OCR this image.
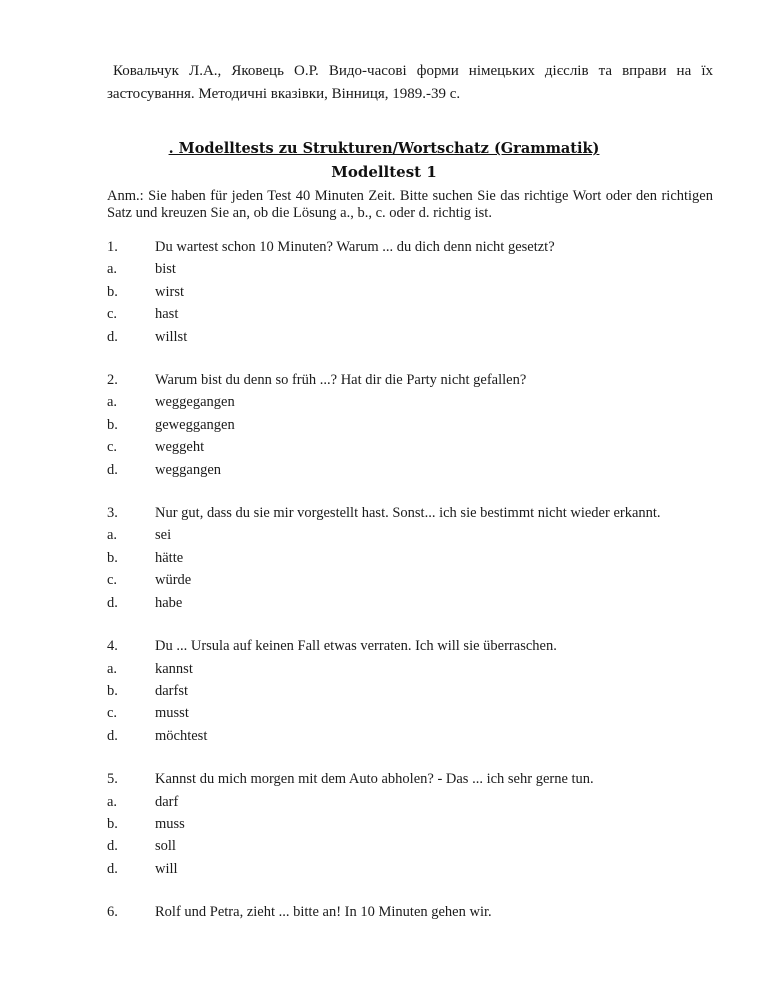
Ковальчук Л.А., Яковець О.Р. Видо-часові форми німецьких дієслів та вправи на їх застосування. Методичні вказівки, Вінниця, 1989.-39 с.

. Modelltests zu Strukturen/Wortschatz (Grammatik)
Modelltest 1

Anm.: Sie haben für jeden Test 40 Minuten Zeit. Bitte suchen Sie das richtige Wort oder den richtigen Satz und kreuzen Sie an, ob die Lösung a., b., c. oder d. richtig ist.

1.	Du wartest schon 10 Minuten? Warum ... du dich denn nicht gesetzt?
a.	bist
b.	wirst
c.	hast
d.	willst
2.	Warum bist du denn so früh ...? Hat dir die Party nicht gefallen?
a.	weggegangen
b.	geweggangen
c.	weggeht
d.	weggangen
3.	Nur gut, dass du sie mir vorgestellt hast. Sonst... ich sie bestimmt nicht wieder erkannt.
a.	sei
b.	hätte
c.	würde
d.	habe
4.	Du ... Ursula auf keinen Fall etwas verraten. Ich will sie überraschen.
a.	kannst
b.	darfst
c.	musst
d.	möchtest
5.	Kannst du mich morgen mit dem Auto abholen? - Das ... ich sehr gerne tun.
a.	darf
b.	muss
d.	soll
d.	will
6.	Rolf und Petra, zieht ... bitte an! In 10 Minuten gehen wir.
